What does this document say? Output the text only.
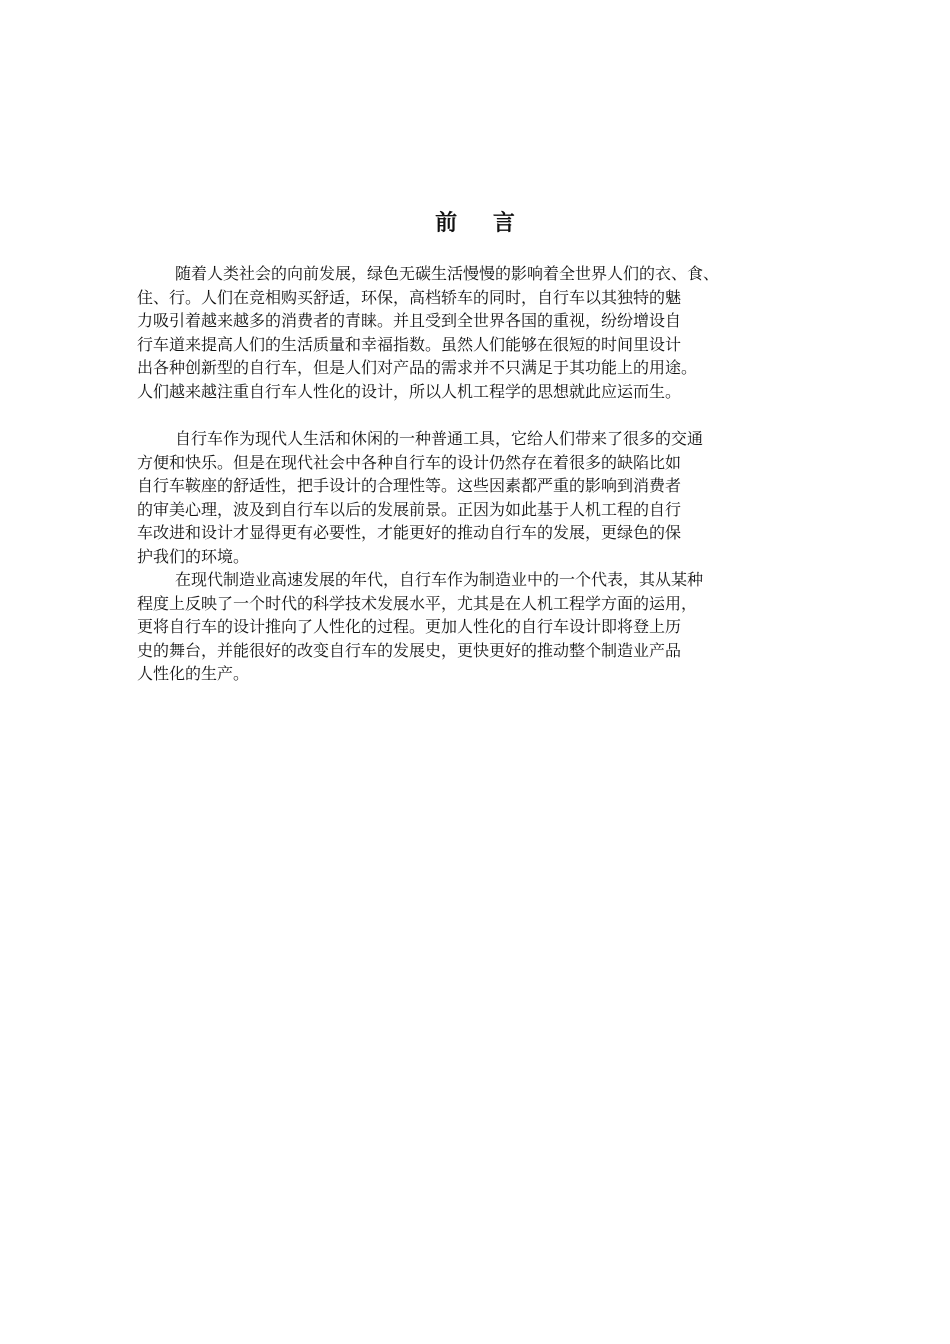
前 言
随着人类社会的向前发展，绿色无碳生活慢慢的影响着全世界人们的衣、食、
住、行。人们在竞相购买舒适，环保，高档轿车的同时，自行车以其独特的魅
力吸引着越来越多的消费者的青睐。并且受到全世界各国的重视，纷纷增设自
行车道来提高人们的生活质量和幸福指数。虽然人们能够在很短的时间里设计
出各种创新型的自行车，但是人们对产品的需求并不只满足于其功能上的用途。
人们越来越注重自行车人性化的设计，所以人机工程学的思想就此应运而生。
自行车作为现代人生活和休闲的一种普通工具，它给人们带来了很多的交通
方便和快乐。但是在现代社会中各种自行车的设计仍然存在着很多的缺陷比如
自行车鞍座的舒适性，把手设计的合理性等。这些因素都严重的影响到消费者
的审美心理，波及到自行车以后的发展前景。正因为如此基于人机工程的自行
车改进和设计才显得更有必要性，才能更好的推动自行车的发展，更绿色的保
护我们的环境。
在现代制造业高速发展的年代，自行车作为制造业中的一个代表，其从某种
程度上反映了一个时代的科学技术发展水平，尤其是在人机工程学方面的运用，
更将自行车的设计推向了人性化的过程。更加人性化的自行车设计即将登上历
史的舞台，并能很好的改变自行车的发展史，更快更好的推动整个制造业产品
人性化的生产。
